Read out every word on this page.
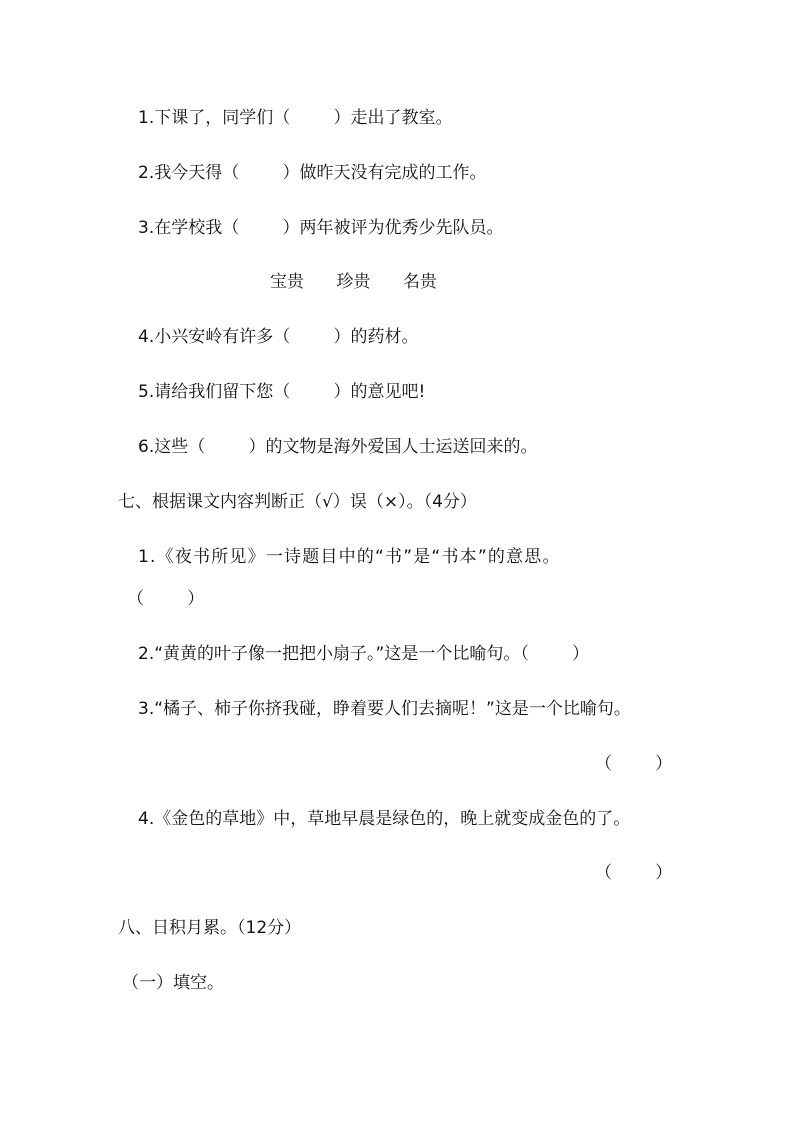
1.下课了，同学们（        ）走出了教室。
2.我今天得（        ）做昨天没有完成的工作。
3.在学校我（        ）两年被评为优秀少先队员。
宝贵      珍贵      名贵
4.小兴安岭有许多（        ）的药材。
5.请给我们留下您（        ）的意见吧!
6.这些（        ）的文物是海外爱国人士运送回来的。
七、根据课文内容判断正（√）误（×）。（4分）
1.《夜书所见》一诗题目中的“书”是“书本”的意思。
（        ）
2.“黄黄的叶子像一把把小扇子。”这是一个比喻句。（        ）
3.“橘子、柿子你挤我碰，睁着要人们去摘呢！”这是一个比喻句。
（        ）
4.《金色的草地》中，草地早晨是绿色的，晚上就变成金色的了。
（        ）
八、日积月累。（12分）
（一）填空。
